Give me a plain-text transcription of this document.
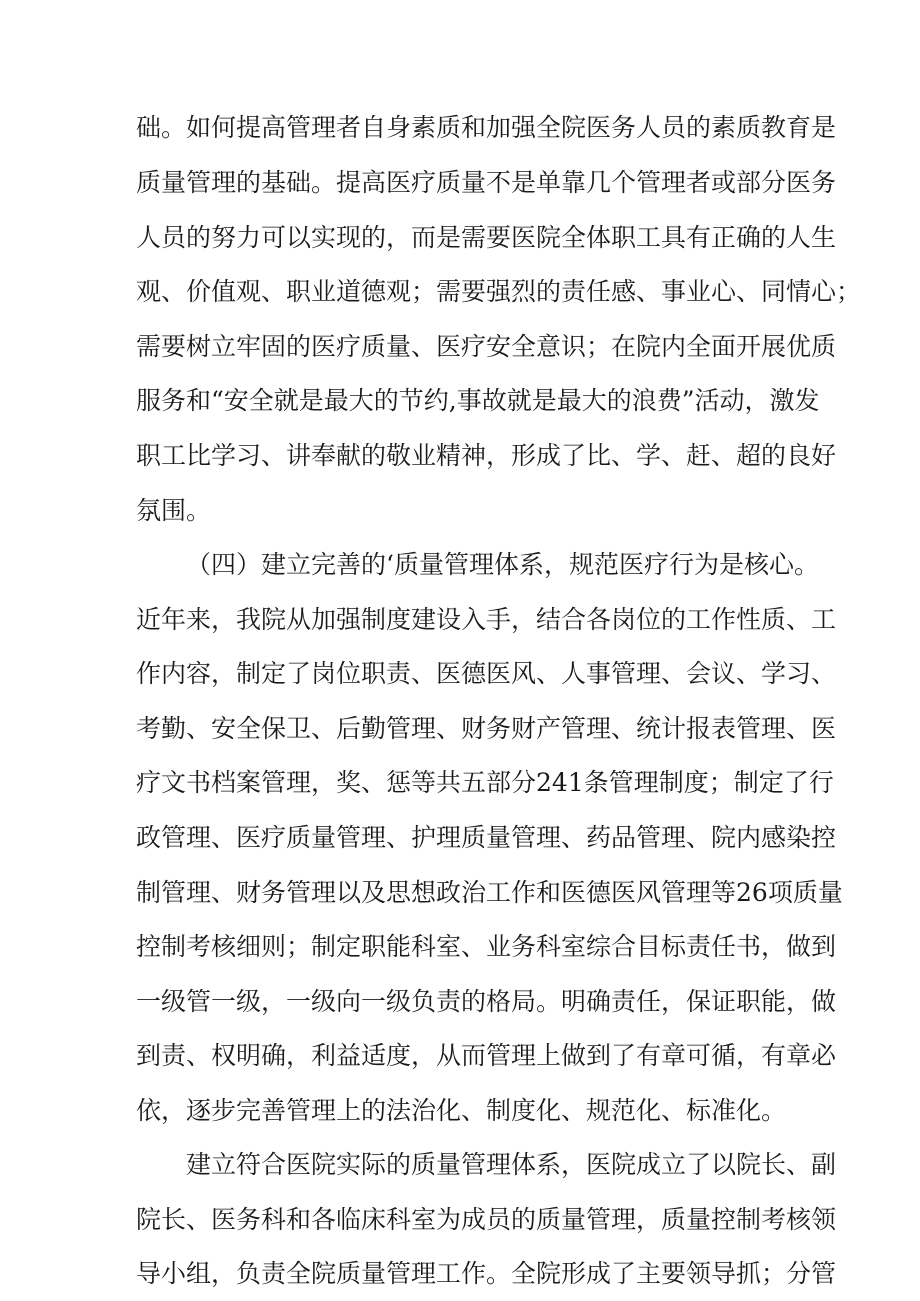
础。如何提高管理者自身素质和加强全院医务人员的素质教育是
质量管理的基础。提高医疗质量不是单靠几个管理者或部分医务
人员的努力可以实现的，而是需要医院全体职工具有正确的人生
观、价值观、职业道德观；需要强烈的责任感、事业心、同情心；
需要树立牢固的医疗质量、医疗安全意识；在院内全面开展优质
服务和“安全就是最大的节约,事故就是最大的浪费”活动，激发
职工比学习、讲奉献的敬业精神，形成了比、学、赶、超的良好
氛围。
（四）建立完善的‘质量管理体系，规范医疗行为是核心。
近年来，我院从加强制度建设入手，结合各岗位的工作性质、工
作内容，制定了岗位职责、医德医风、人事管理、会议、学习、
考勤、安全保卫、后勤管理、财务财产管理、统计报表管理、医
疗文书档案管理，奖、惩等共五部分241条管理制度；制定了行
政管理、医疗质量管理、护理质量管理、药品管理、院内感染控
制管理、财务管理以及思想政治工作和医德医风管理等26项质量
控制考核细则；制定职能科室、业务科室综合目标责任书，做到
一级管一级，一级向一级负责的格局。明确责任，保证职能，做
到责、权明确，利益适度，从而管理上做到了有章可循，有章必
依，逐步完善管理上的法治化、制度化、规范化、标准化。
建立符合医院实际的质量管理体系，医院成立了以院长、副
院长、医务科和各临床科室为成员的质量管理，质量控制考核领
导小组，负责全院质量管理工作。全院形成了主要领导抓；分管
